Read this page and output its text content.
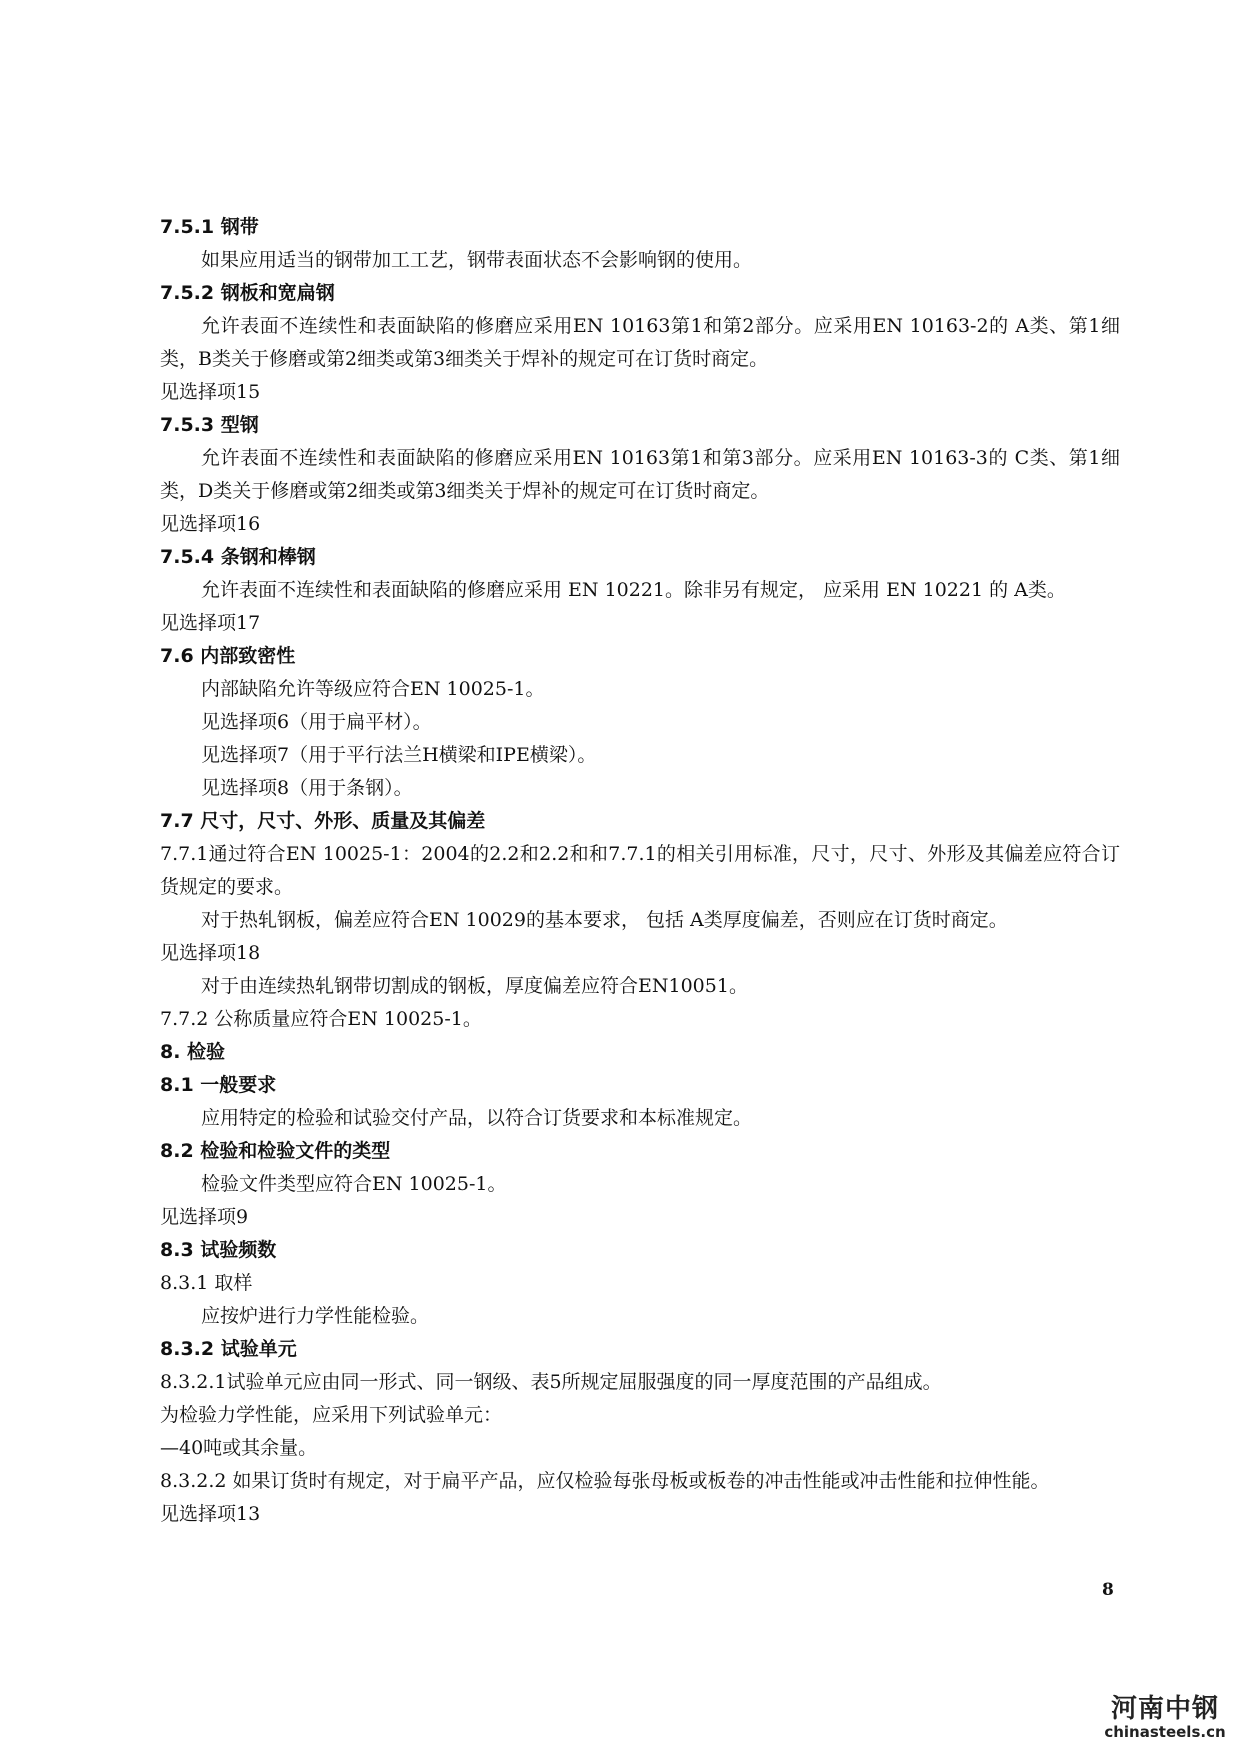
7.5.1 钢带

如果应用适当的钢带加工工艺，钢带表面状态不会影响钢的使用。

7.5.2 钢板和宽扁钢

允许表面不连续性和表面缺陷的修磨应采用EN 10163第1和第2部分。应采用EN 10163-2的 A类、第1细类，B类关于修磨或第2细类或第3细类关于焊补的规定可在订货时商定。

见选择项15

7.5.3 型钢

允许表面不连续性和表面缺陷的修磨应采用EN 10163第1和第3部分。应采用EN 10163-3的 C类、第1细类，D类关于修磨或第2细类或第3细类关于焊补的规定可在订货时商定。

见选择项16

7.5.4 条钢和棒钢

允许表面不连续性和表面缺陷的修磨应采用 EN 10221。除非另有规定， 应采用 EN 10221 的 A类。

见选择项17

7.6 内部致密性

内部缺陷允许等级应符合EN 10025-1。

见选择项6（用于扁平材）。

见选择项7（用于平行法兰H横梁和IPE横梁）。

见选择项8（用于条钢）。

7.7 尺寸，尺寸、外形、质量及其偏差

7.7.1通过符合EN 10025-1：2004的2.2和2.2和和7.7.1的相关引用标准，尺寸，尺寸、外形及其偏差应符合订货规定的要求。

对于热轧钢板，偏差应符合EN 10029的基本要求， 包括 A类厚度偏差，否则应在订货时商定。

见选择项18

对于由连续热轧钢带切割成的钢板，厚度偏差应符合EN10051。

7.7.2 公称质量应符合EN 10025-1。

8. 检验

8.1 一般要求

应用特定的检验和试验交付产品，以符合订货要求和本标准规定。

8.2 检验和检验文件的类型

检验文件类型应符合EN 10025-1。

见选择项9

8.3 试验频数

8.3.1 取样

应按炉进行力学性能检验。

8.3.2 试验单元

8.3.2.1试验单元应由同一形式、同一钢级、表5所规定屈服强度的同一厚度范围的产品组成。

为检验力学性能，应采用下列试验单元：

—40吨或其余量。

8.3.2.2 如果订货时有规定，对于扁平产品，应仅检验每张母板或板卷的冲击性能或冲击性能和拉伸性能。

见选择项13

8
河南中钢
chinasteels.cn
